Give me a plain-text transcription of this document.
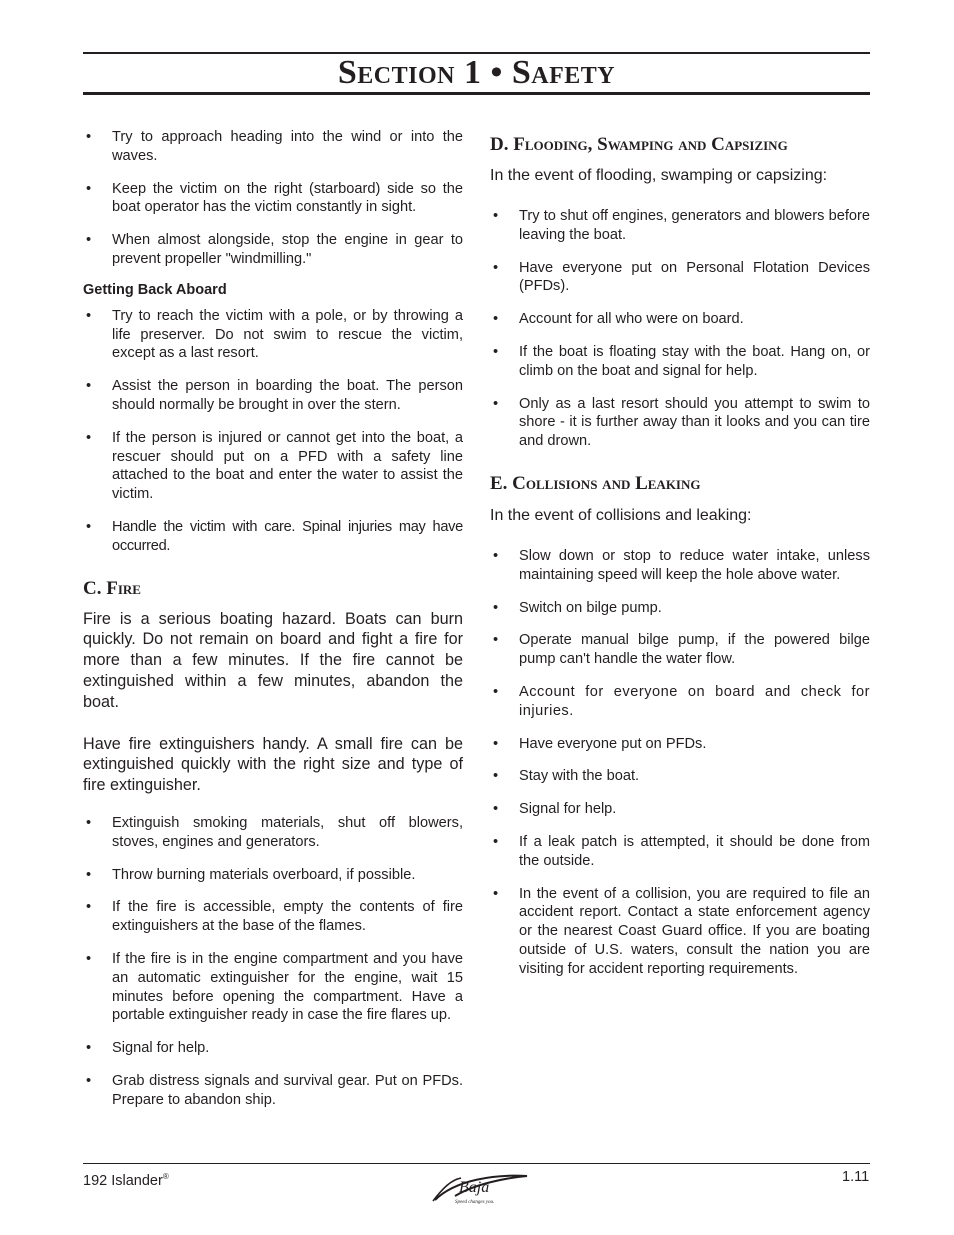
Section 1 • Safety
• Try to approach heading into the wind or into the waves.
• Keep the victim on the right (starboard) side so the boat operator has the victim constantly in sight.
• When almost alongside, stop the engine in gear to prevent propeller "windmilling."
Getting Back Aboard
• Try to reach the victim with a pole, or by throwing a life preserver. Do not swim to rescue the victim, except as a last resort.
• Assist the person in boarding the boat. The person should normally be brought in over the stern.
• If the person is injured or cannot get into the boat, a rescuer should put on a PFD with a safety line attached to the boat and enter the water to assist the victim.
• Handle the victim with care. Spinal injuries may have occurred.
C. Fire

Fire is a serious boating hazard. Boats can burn quickly. Do not remain on board and fight a fire for more than a few minutes. If the fire cannot be extinguished within a few minutes, abandon the boat.

Have fire extinguishers handy. A small fire can be extinguished quickly with the right size and type of fire extinguisher.

• Extinguish smoking materials, shut off blowers, stoves, engines and generators.
• Throw burning materials overboard, if possible.
• If the fire is accessible, empty the contents of fire extinguishers at the base of the flames.
• If the fire is in the engine compartment and you have an automatic extinguisher for the engine, wait 15 minutes before opening the compartment. Have a portable extinguisher ready in case the fire flares up.
• Signal for help.
• Grab distress signals and survival gear. Put on PFDs. Prepare to abandon ship.
D. Flooding, Swamping and Capsizing

In the event of flooding, swamping or capsizing:

• Try to shut off engines, generators and blowers before leaving the boat.
• Have everyone put on Personal Flotation Devices (PFDs).
• Account for all who were on board.
• If the boat is floating stay with the boat. Hang on, or climb on the boat and signal for help.
• Only as a last resort should you attempt to swim to shore - it is further away than it looks and you can tire and drown.
E. Collisions and Leaking

In the event of collisions and leaking:

• Slow down or stop to reduce water intake, unless maintaining speed will keep the hole above water.
• Switch on bilge pump.
• Operate manual bilge pump, if the powered bilge pump can't handle the water flow.
• Account for everyone on board and check for injuries.
• Have everyone put on PFDs.
• Stay with the boat.
• Signal for help.
• If a leak patch is attempted, it should be done from the outside.
• In the event of a collision, you are required to file an accident report. Contact a state enforcement agency or the nearest Coast Guard office. If you are boating outside of U.S. waters, consult the nation you are visiting for accident reporting requirements.
192 Islander®
Baja
Speed changes you.
1.11
